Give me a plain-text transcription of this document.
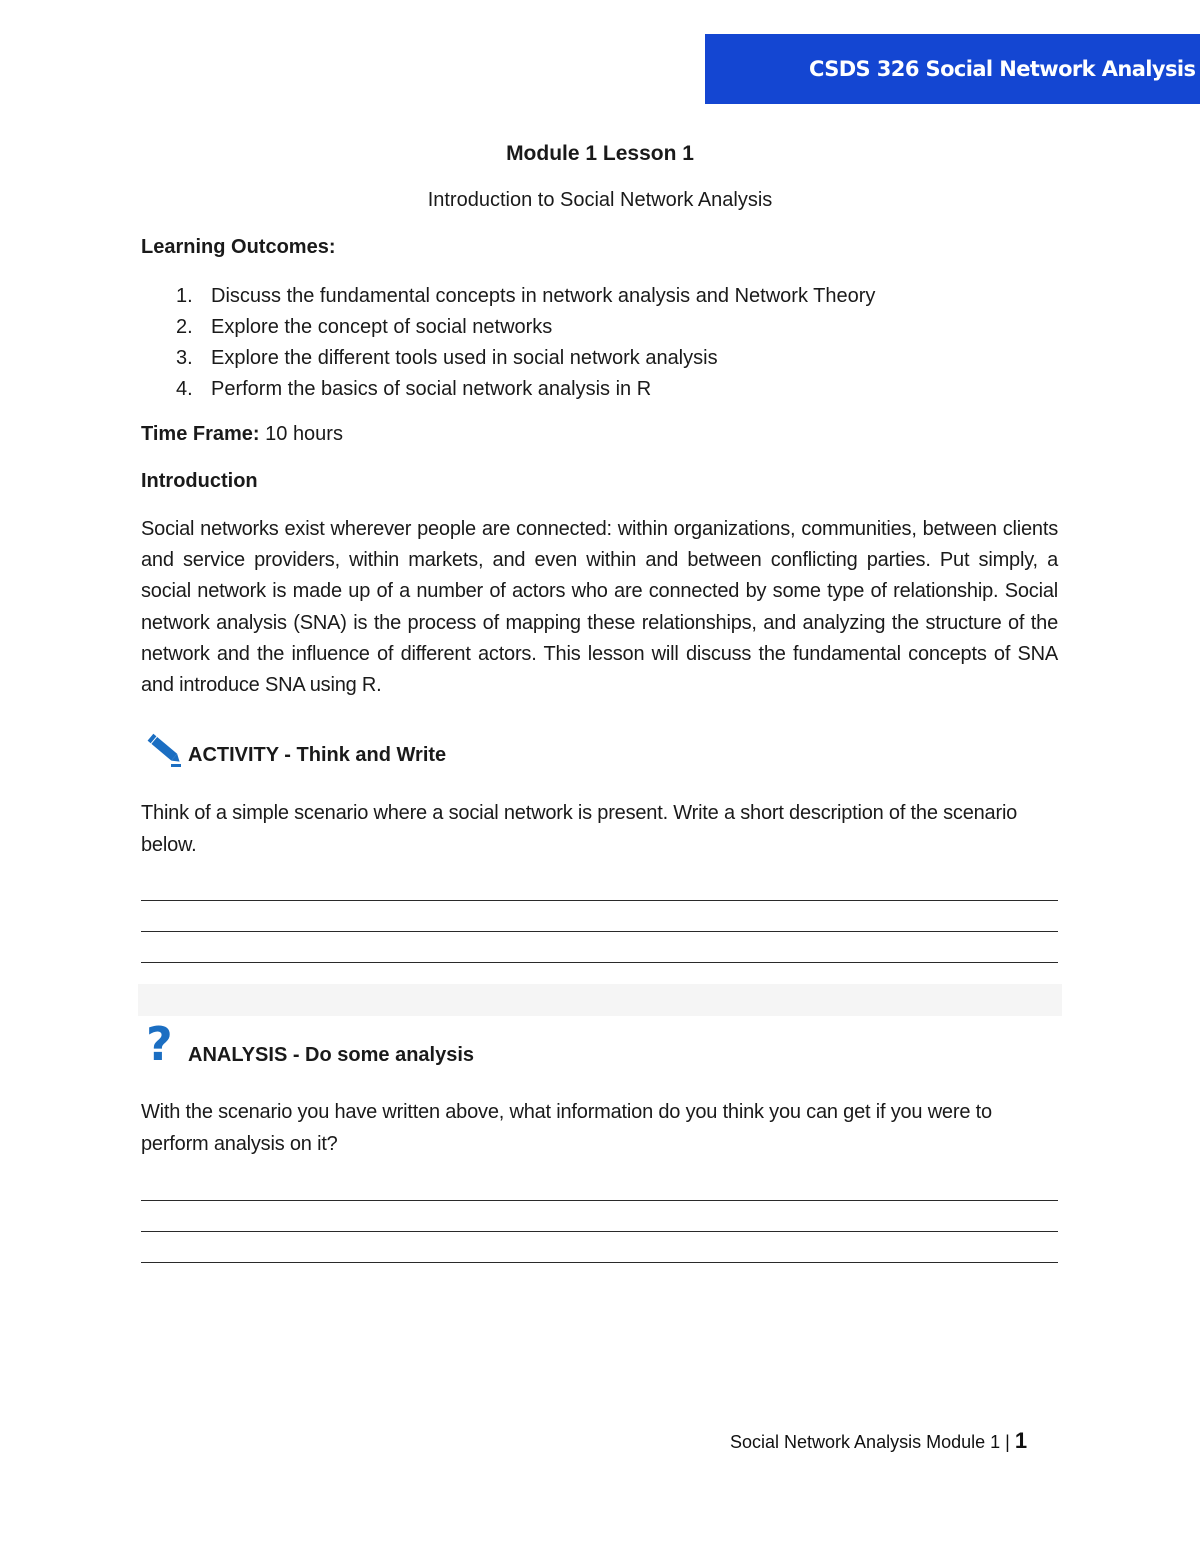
CSDS 326 Social Network Analysis
Module 1 Lesson 1
Introduction to Social Network Analysis
Learning Outcomes:
1. Discuss the fundamental concepts in network analysis and Network Theory
2. Explore the concept of social networks
3. Explore the different tools used in social network analysis
4. Perform the basics of social network analysis in R
Time Frame: 10 hours
Introduction
Social networks exist wherever people are connected: within organizations, communities, between clients and service providers, within markets, and even within and between conflicting parties. Put simply, a social network is made up of a number of actors who are connected by some type of relationship. Social network analysis (SNA) is the process of mapping these relationships, and analyzing the structure of the network and the influence of different actors. This lesson will discuss the fundamental concepts of SNA and introduce SNA using R.
ACTIVITY - Think and Write
Think of a simple scenario where a social network is present. Write a short description of the scenario below.
? ANALYSIS - Do some analysis
With the scenario you have written above, what information do you think you can get if you were to perform analysis on it?
Social Network Analysis Module 1 | 1
